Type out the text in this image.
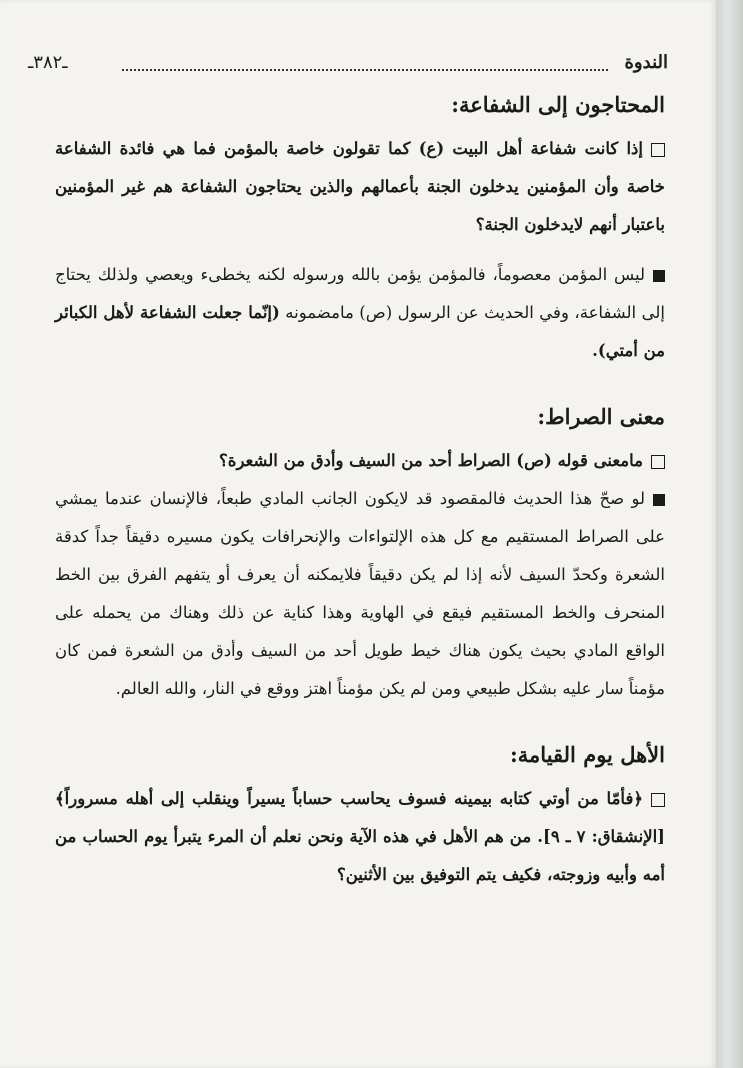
الندوة
ـ٣٨٢ـ
المحتاجون إلى الشفاعة:

إذا كانت شفاعة أهل البيت (ع) كما تقولون خاصة بالمؤمن فما هي فائدة الشفاعة خاصة وأن المؤمنين يدخلون الجنة بأعمالهم والذين يحتاجون الشفاعة هم غير المؤمنين باعتبار أنهم لايدخلون الجنة؟

ليس المؤمن معصوماً، فالمؤمن يؤمن بالله ورسوله لكنه يخطىء ويعصي ولذلك يحتاج إلى الشفاعة، وفي الحديث عن الرسول (ص) مامضمونه (إنّما جعلت الشفاعة لأهل الكبائر من أمتي).

معنى الصراط:

مامعنى قوله (ص) الصراط أحد من السيف وأدق من الشعرة؟

لو صحّ هذا الحديث فالمقصود قد لايكون الجانب المادي طبعاً، فالإنسان عندما يمشي على الصراط المستقيم مع كل هذه الإلتواءات والإنحرافات يكون مسيره دقيقاً جداً كدقة الشعرة وكحدّ السيف لأنه إذا لم يكن دقيقاً فلايمكنه أن يعرف أو يتفهم الفرق بين الخط المنحرف والخط المستقيم فيقع في الهاوية وهذا كناية عن ذلك وهناك من يحمله على الواقع المادي بحيث يكون هناك خيط طويل أحد من السيف وأدق من الشعرة فمن كان مؤمناً سار عليه بشكل طبيعي ومن لم يكن مؤمناً اهتز ووقع في النار، والله العالم.

الأهل يوم القيامة:

﴿فأمّا من أوتي كتابه بيمينه فسوف يحاسب حساباً يسيراً وينقلب إلى أهله مسروراً﴾ [الإنشقاق: ٧ ـ ٩]. من هم الأهل في هذه الآية ونحن نعلم أن المرء يتبرأ يوم الحساب من أمه وأبيه وزوجته، فكيف يتم التوفيق بين الأثنين؟
